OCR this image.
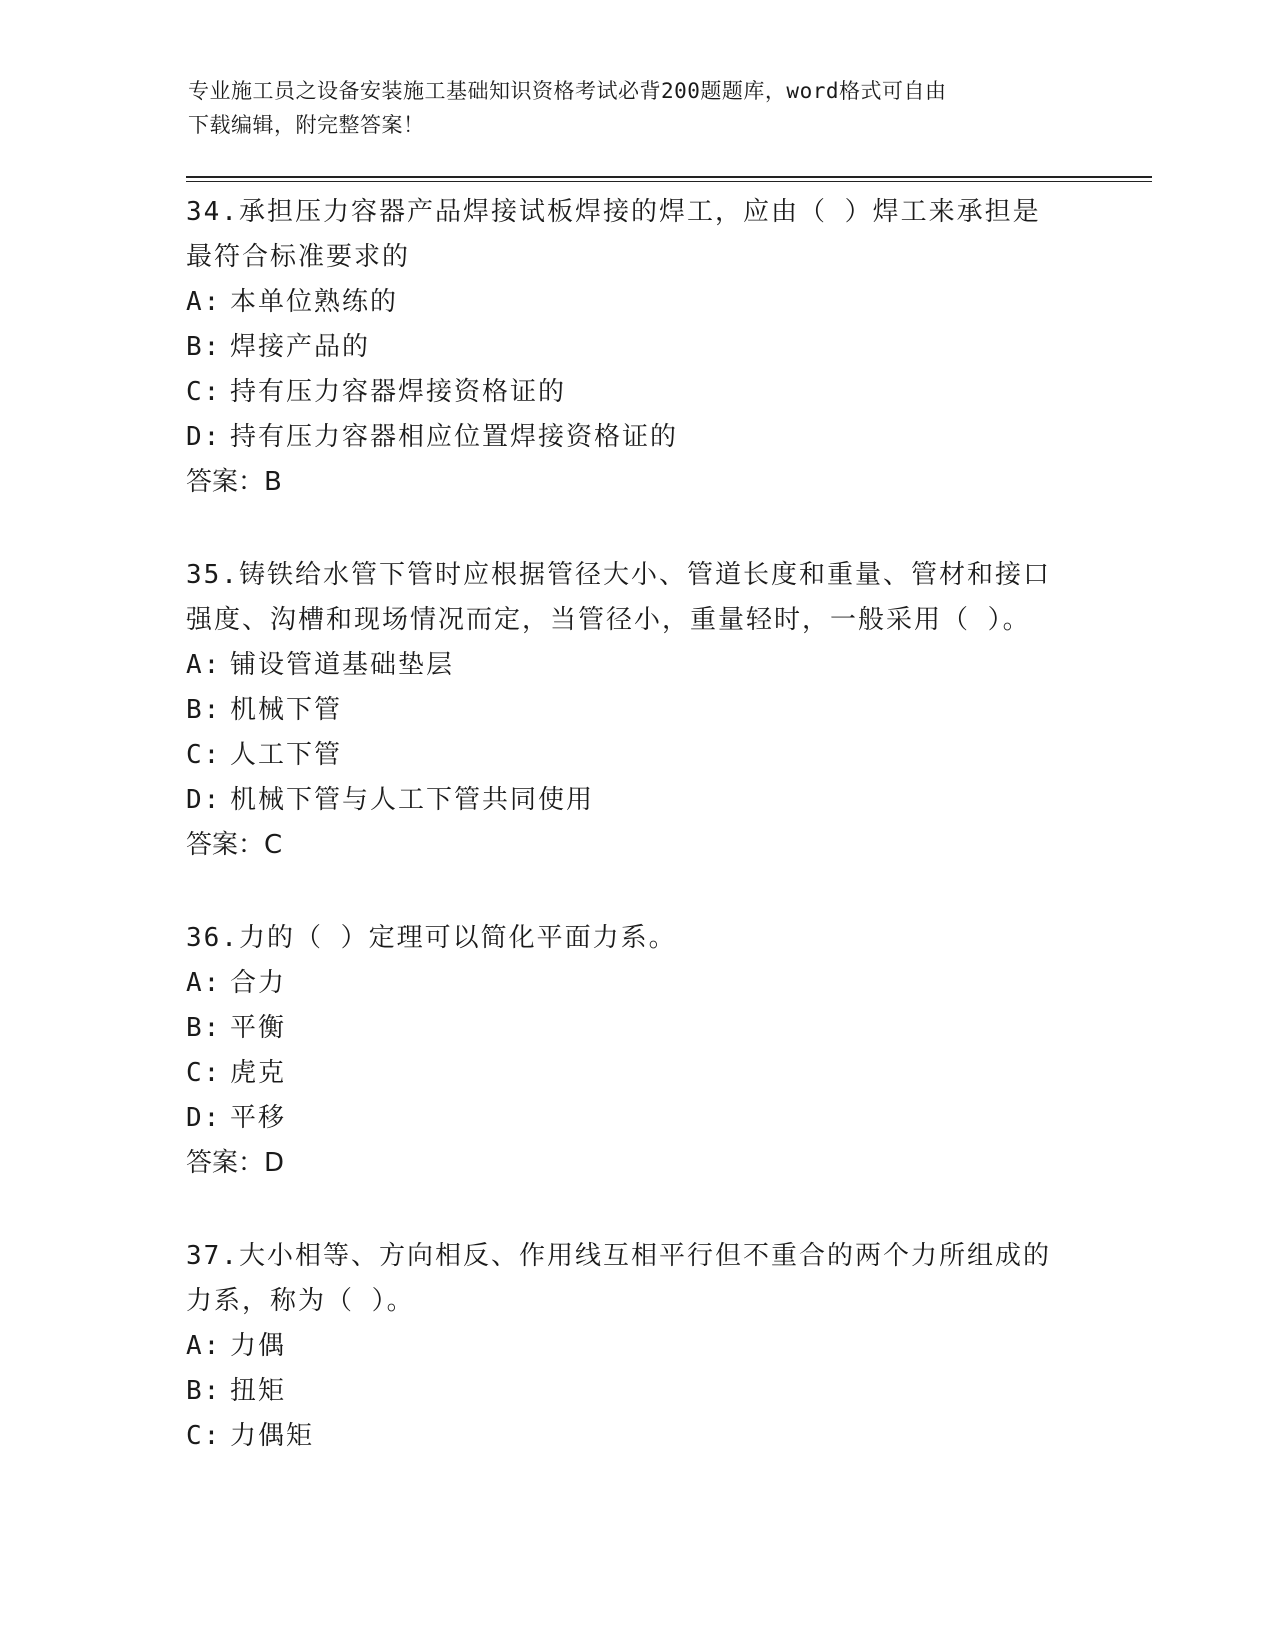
专业施工员之设备安装施工基础知识资格考试必背200题题库，word格式可自由
下载编辑，附完整答案！
34.承担压力容器产品焊接试板焊接的焊工，应由（ ）焊工来承担是
最符合标准要求的
A: 本单位熟练的
B: 焊接产品的
C: 持有压力容器焊接资格证的
D: 持有压力容器相应位置焊接资格证的
答案：B
35.铸铁给水管下管时应根据管径大小、管道长度和重量、管材和接口
强度、沟槽和现场情况而定，当管径小，重量轻时，一般采用（ ）。
A: 铺设管道基础垫层
B: 机械下管
C: 人工下管
D: 机械下管与人工下管共同使用
答案：C
36.力的（ ）定理可以简化平面力系。
A: 合力
B: 平衡
C: 虎克
D: 平移
答案：D
37.大小相等、方向相反、作用线互相平行但不重合的两个力所组成的
力系，称为（ ）。
A: 力偶
B: 扭矩
C: 力偶矩
